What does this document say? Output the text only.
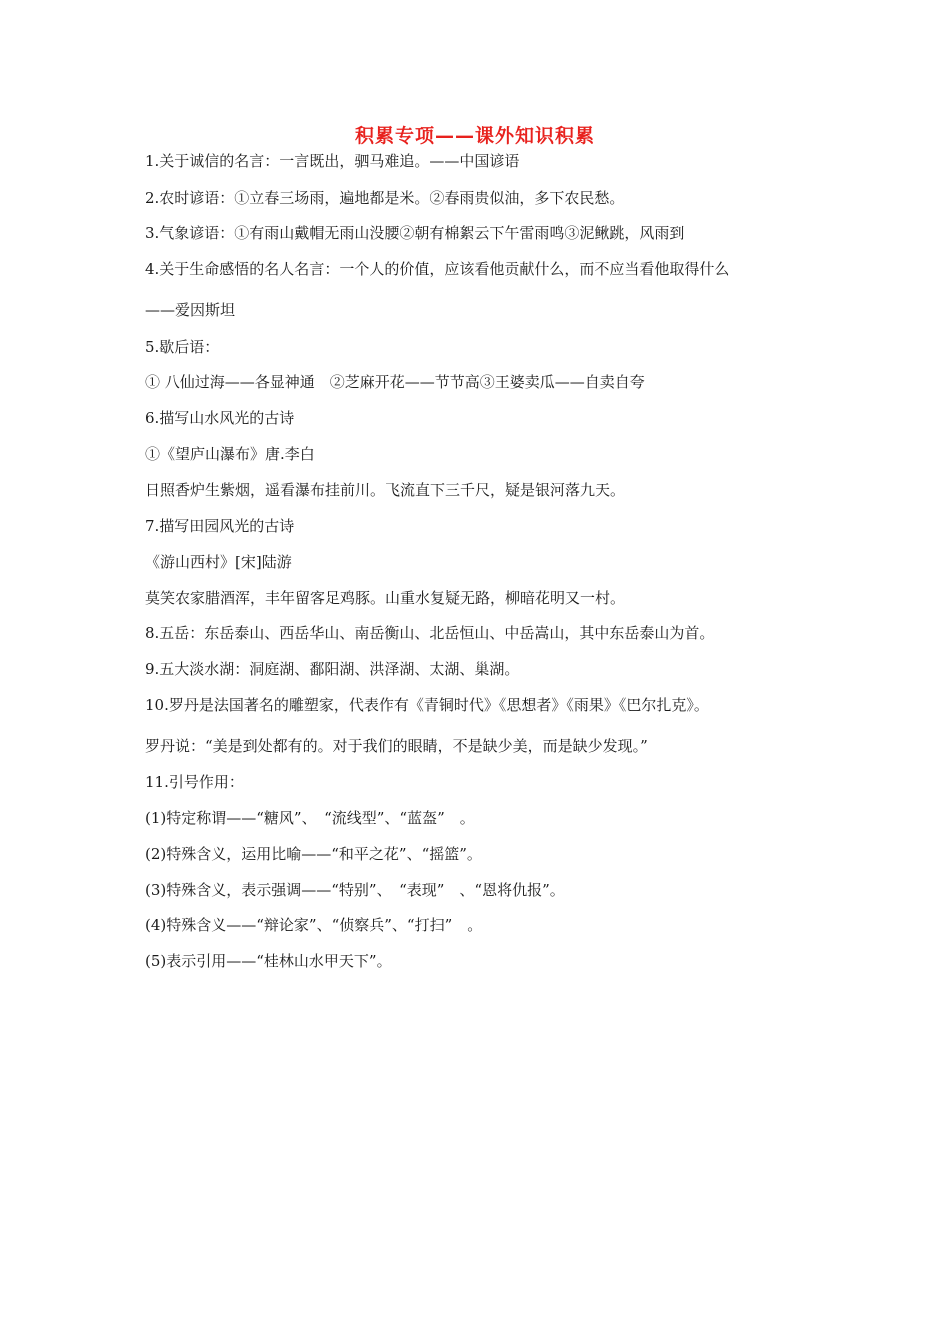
积累专项——课外知识积累
1.关于诚信的名言：一言既出，驷马难追。——中国谚语
2.农时谚语：①立春三场雨，遍地都是米。②春雨贵似油，多下农民愁。
3.气象谚语：①有雨山戴帽无雨山没腰②朝有棉絮云下午雷雨鸣③泥鳅跳，风雨到
4.关于生命感悟的名人名言：一个人的价值，应该看他贡献什么，而不应当看他取得什么
——爱因斯坦
5.歇后语：
① 八仙过海——各显神通　②芝麻开花——节节高③王婆卖瓜——自卖自夸
6.描写山水风光的古诗
①《望庐山瀑布》唐.李白
日照香炉生紫烟，遥看瀑布挂前川。飞流直下三千尺，疑是银河落九天。
7.描写田园风光的古诗
《游山西村》[宋]陆游
莫笑农家腊酒浑，丰年留客足鸡豚。山重水复疑无路，柳暗花明又一村。
8.五岳：东岳泰山、西岳华山、南岳衡山、北岳恒山、中岳嵩山，其中东岳泰山为首。
9.五大淡水湖：洞庭湖、鄱阳湖、洪泽湖、太湖、巢湖。
10.罗丹是法国著名的雕塑家，代表作有《青铜时代》《思想者》《雨果》《巴尔扎克》。
罗丹说：“美是到处都有的。对于我们的眼睛，不是缺少美，而是缺少发现。”
11.引号作用：
(1)特定称谓——“糖风”、　“流线型”、“蓝盔”　。
(2)特殊含义，运用比喻——“和平之花”、“摇篮”。
(3)特殊含义，表示强调——“特别”、　“表现”　、“恩将仇报”。
(4)特殊含义——“辩论家”、“侦察兵”、“打扫”　。
(5)表示引用——“桂林山水甲天下”。
